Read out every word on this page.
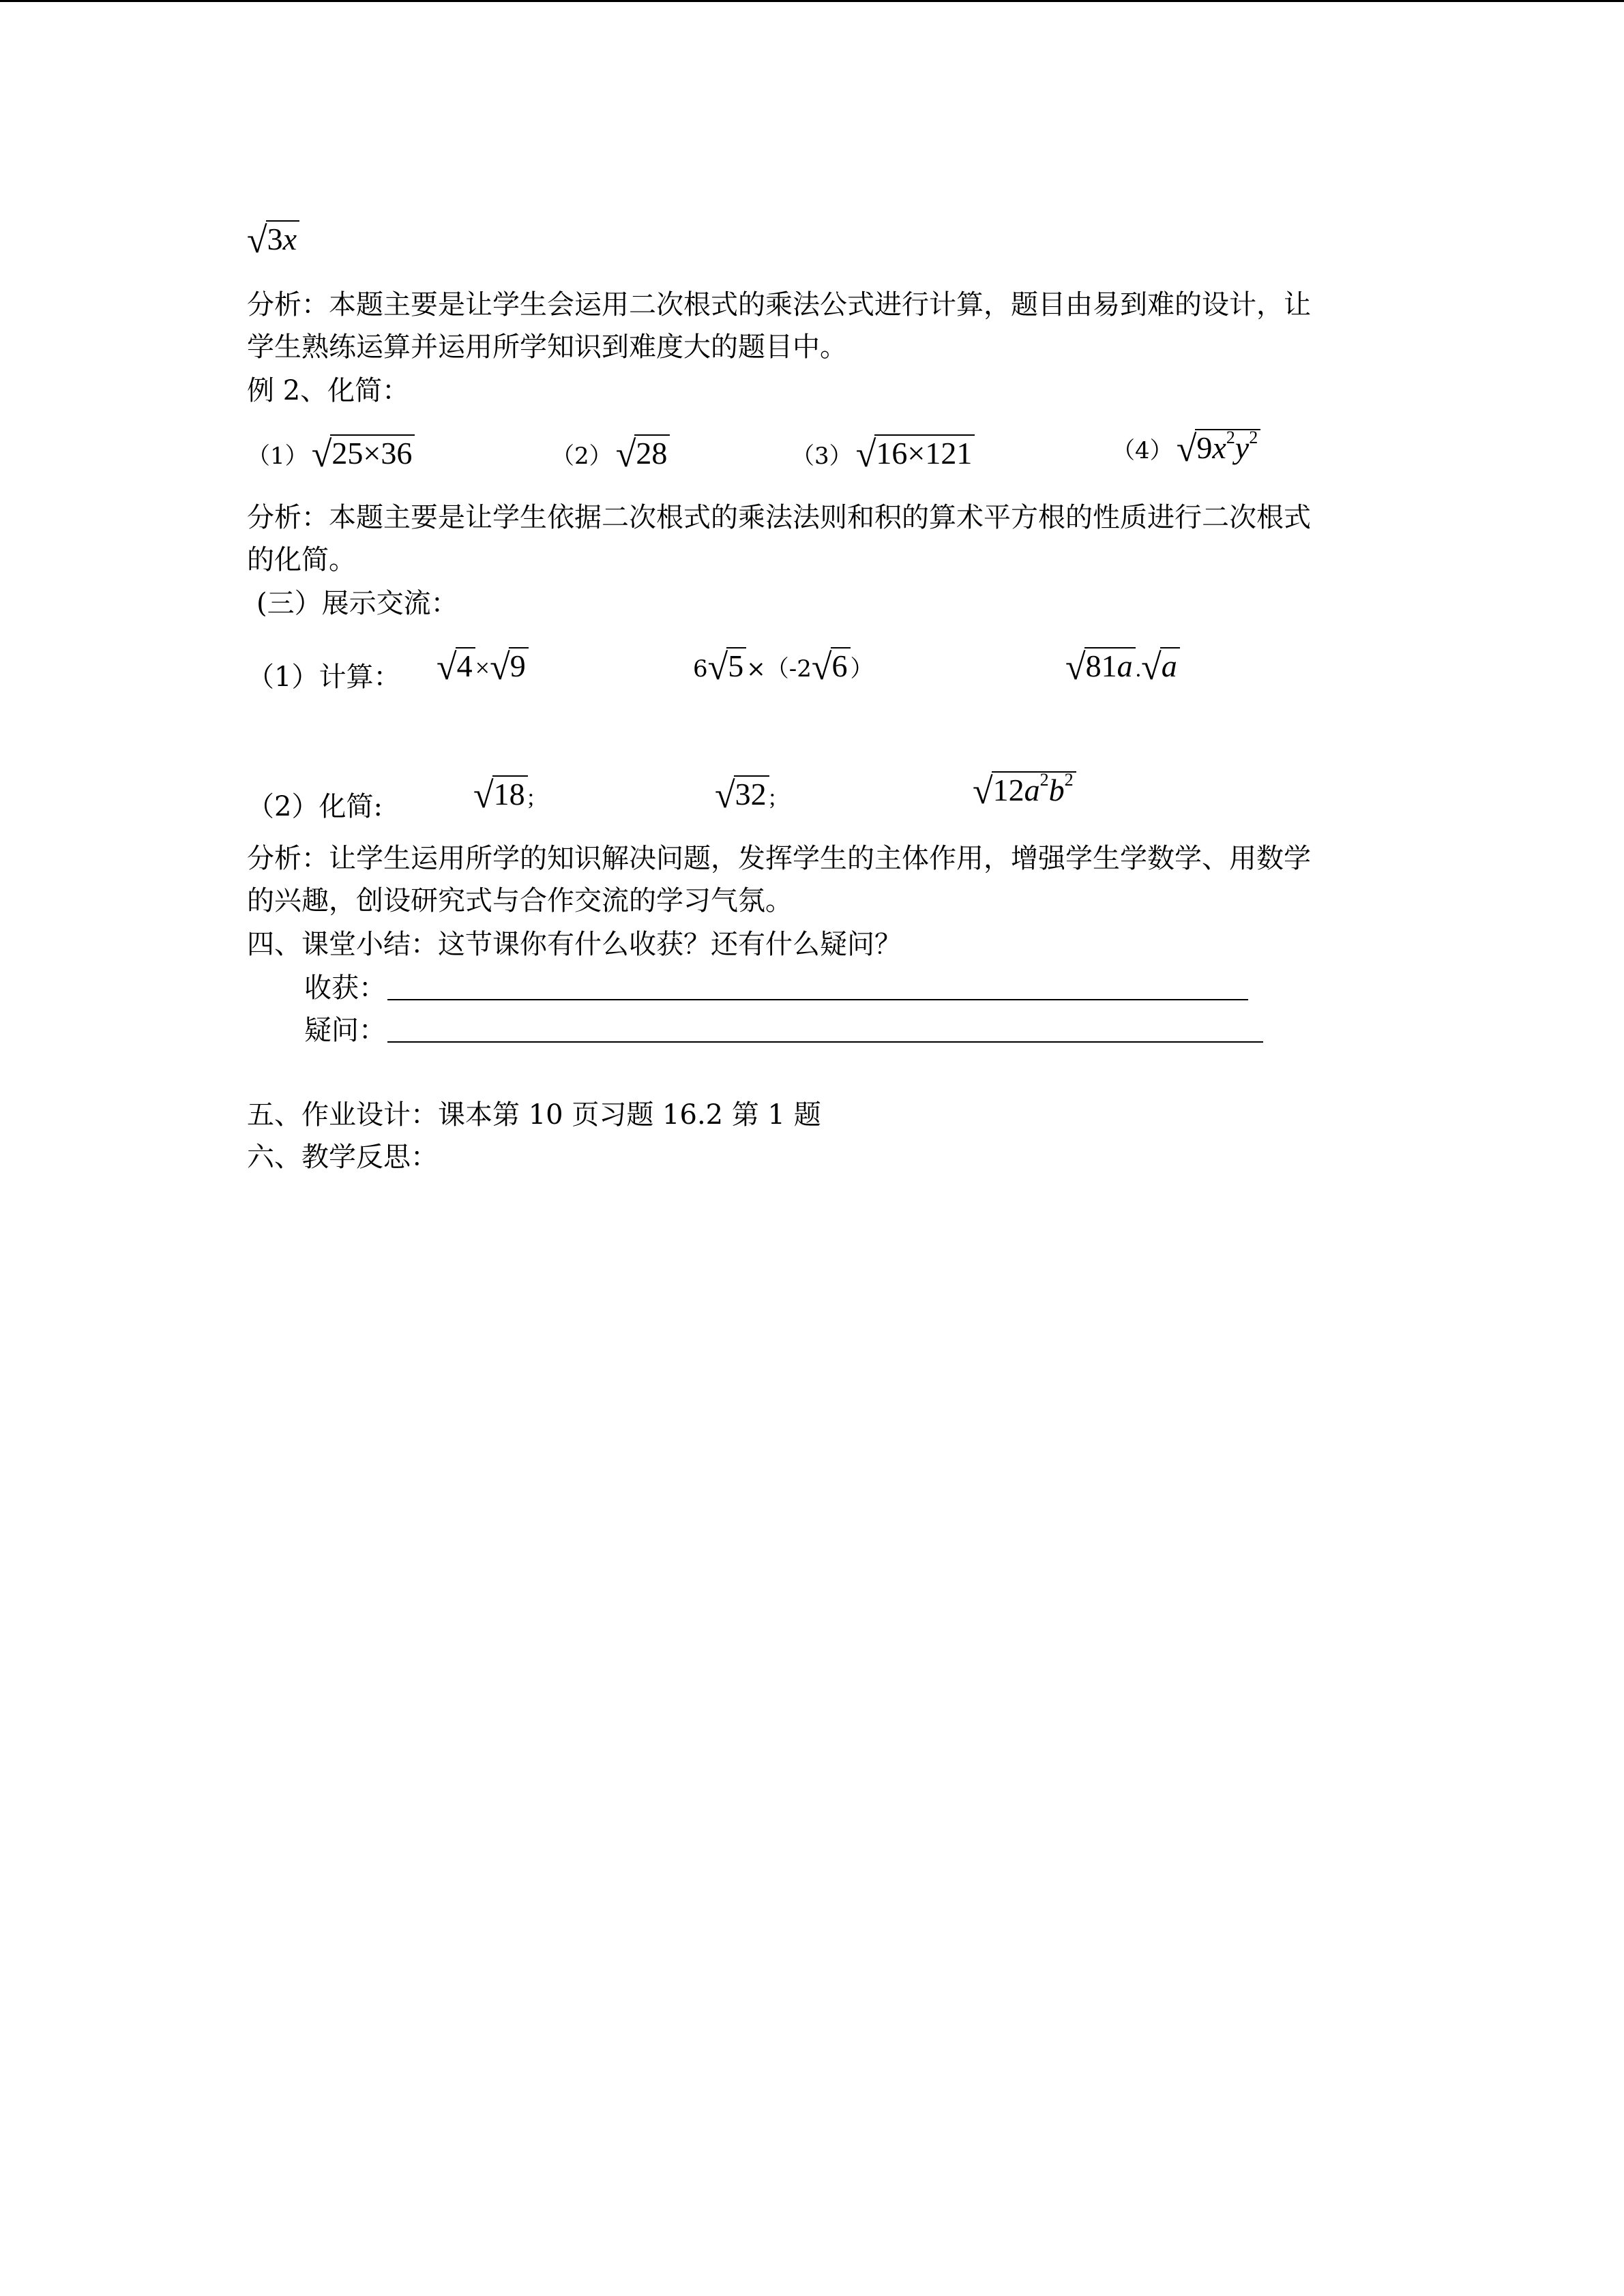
√ 3x
分析：本题主要是让学生会运用二次根式的乘法公式进行计算，题目由易到难的设计，让
学生熟练运算并运用所学知识到难度大的题目中。
例 2、化简：
（1） √ 25×36	（2） √ 28	（3） √ 16×121	（4） √ $9x^2y^2$
分析：本题主要是让学生依据二次根式的乘法法则和积的算术平方根的性质进行二次根式
的化简。
(三）展示交流：
（1）计算： √ 4 × √ 9	6 √ 5 ×（-2 √ 6 ）	√ 81a . √ a
（2）化简: √ 18 ;	√ 32 ;	√ $12a^2b^2$
分析：让学生运用所学的知识解决问题，发挥学生的主体作用，增强学生学数学、用数学
的兴趣，创设研究式与合作交流的学习气氛。
四、课堂小结：这节课你有什么收获？还有什么疑问？
收获：
疑问：
五、作业设计：课本第 10 页习题 16.2 第 1 题
六、教学反思：
